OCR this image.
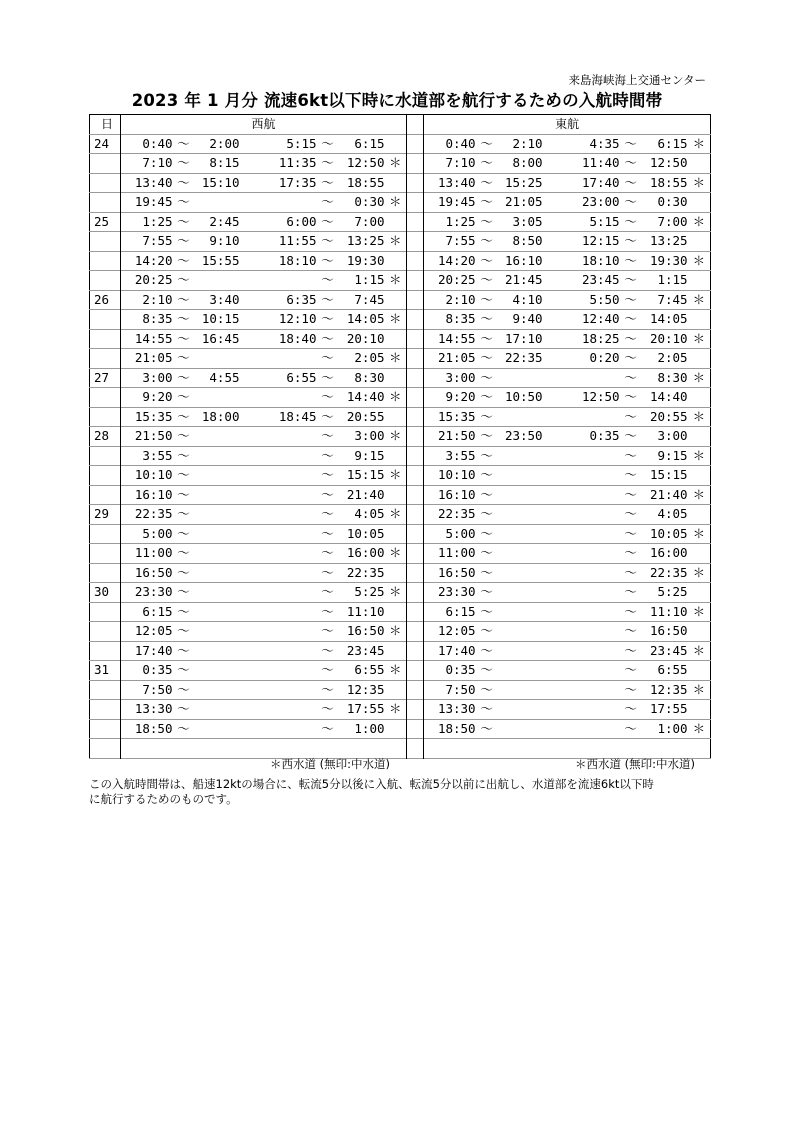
来島海峡海上交通センター
2023 年 1 月分 流速6kt以下時に水道部を航行するための入航時間帯
日	西航								東航						
24	0:40	～	2:00	5:15	～	6:15			0:40	～	2:10	4:35	～	6:15	＊
	7:10	～	8:15	11:35	～	12:50	＊		7:10	～	8:00	11:40	～	12:50	
	13:40	～	15:10	17:35	～	18:55			13:40	～	15:25	17:40	～	18:55	＊
	19:45	～			～	0:30	＊		19:45	～	21:05	23:00	～	0:30	
25	1:25	～	2:45	6:00	～	7:00			1:25	～	3:05	5:15	～	7:00	＊
	7:55	～	9:10	11:55	～	13:25	＊		7:55	～	8:50	12:15	～	13:25	
	14:20	～	15:55	18:10	～	19:30			14:20	～	16:10	18:10	～	19:30	＊
	20:25	～			～	1:15	＊		20:25	～	21:45	23:45	～	1:15	
26	2:10	～	3:40	6:35	～	7:45			2:10	～	4:10	5:50	～	7:45	＊
	8:35	～	10:15	12:10	～	14:05	＊		8:35	～	9:40	12:40	～	14:05	
	14:55	～	16:45	18:40	～	20:10			14:55	～	17:10	18:25	～	20:10	＊
	21:05	～			～	2:05	＊		21:05	～	22:35	0:20	～	2:05	
27	3:00	～	4:55	6:55	～	8:30			3:00	～			～	8:30	＊
	9:20	～			～	14:40	＊		9:20	～	10:50	12:50	～	14:40	
	15:35	～	18:00	18:45	～	20:55			15:35	～			～	20:55	＊
28	21:50	～			～	3:00	＊		21:50	～	23:50	0:35	～	3:00	
	3:55	～			～	9:15			3:55	～			～	9:15	＊
	10:10	～			～	15:15	＊		10:10	～			～	15:15	
	16:10	～			～	21:40			16:10	～			～	21:40	＊
29	22:35	～			～	4:05	＊		22:35	～			～	4:05	
	5:00	～			～	10:05			5:00	～			～	10:05	＊
	11:00	～			～	16:00	＊		11:00	～			～	16:00	
	16:50	～			～	22:35			16:50	～			～	22:35	＊
30	23:30	～			～	5:25	＊		23:30	～			～	5:25	
	6:15	～			～	11:10			6:15	～			～	11:10	＊
	12:05	～			～	16:50	＊		12:05	～			～	16:50	
	17:40	～			～	23:45			17:40	～			～	23:45	＊
31	0:35	～			～	6:55	＊		0:35	～			～	6:55	
	7:50	～			～	12:35			7:50	～			～	12:35	＊
	13:30	～			～	17:55	＊		13:30	～			～	17:55	
	18:50	～			～	1:00			18:50	～			～	1:00	＊

＊西水道 (無印:中水道)	＊西水道 (無印:中水道)
この入航時間帯は、船速12ktの場合に、転流5分以後に入航、転流5分以前に出航し、水道部を流速6kt以下時
に航行するためのものです。
